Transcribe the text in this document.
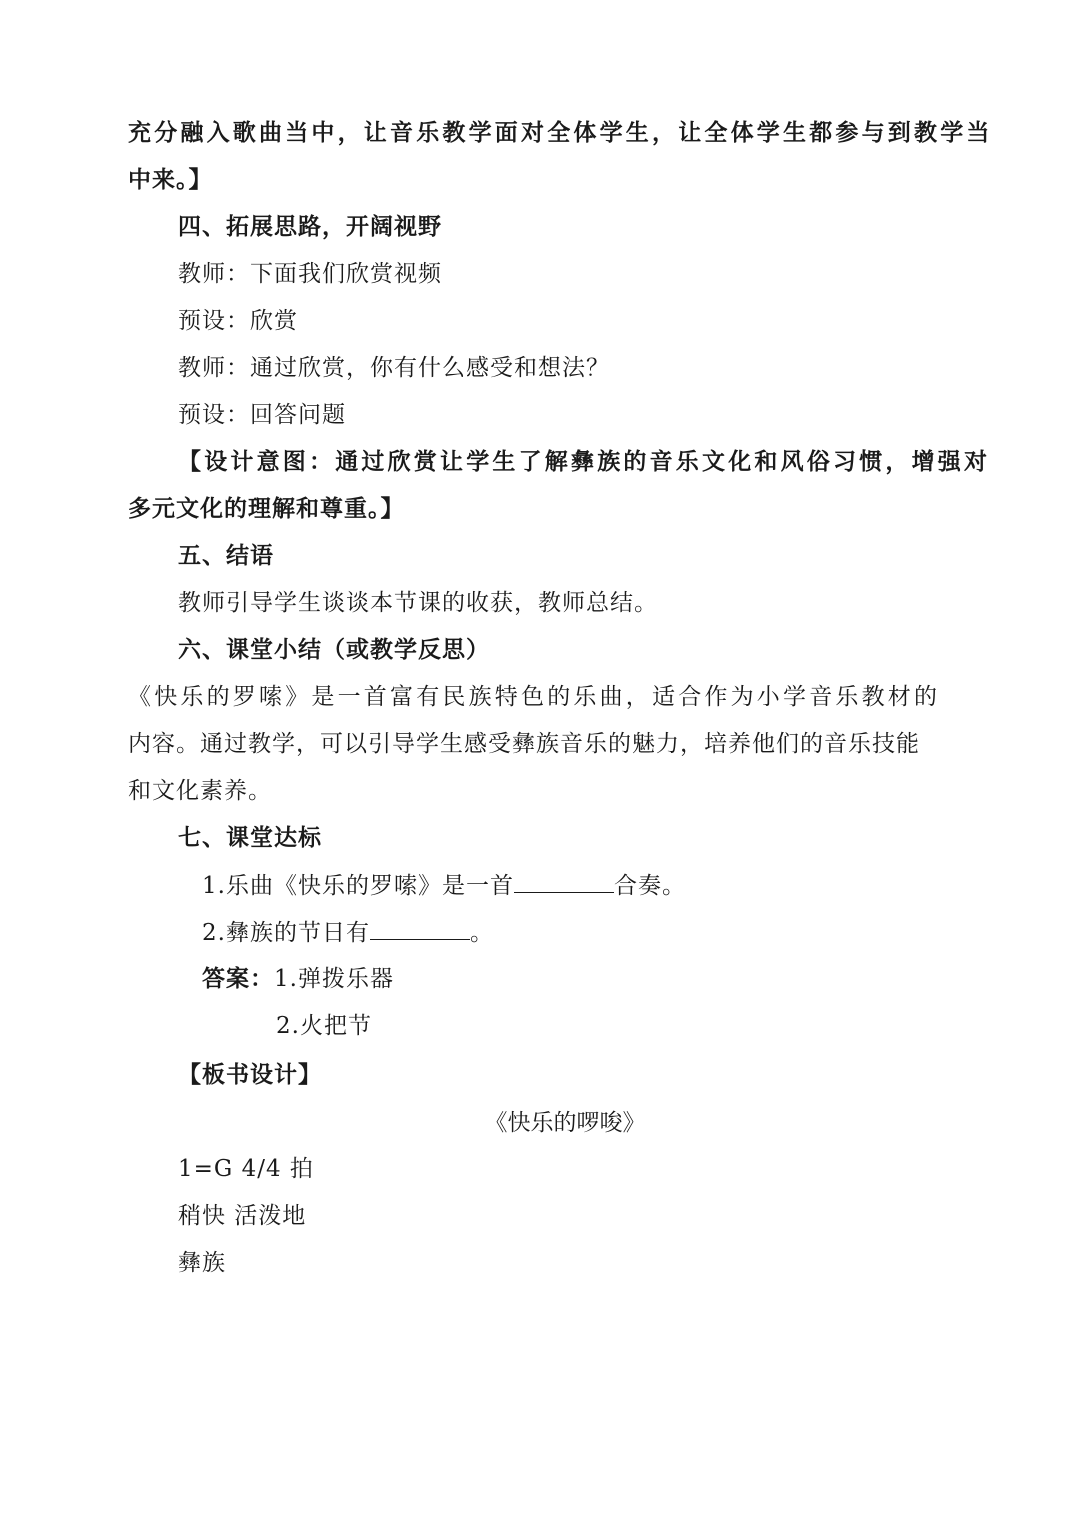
充分融入歌曲当中，让音乐教学面对全体学生，让全体学生都参与到教学当
中来。】
四、拓展思路，开阔视野
教师：下面我们欣赏视频
预设：欣赏
教师：通过欣赏，你有什么感受和想法？
预设：回答问题
【设计意图：通过欣赏让学生了解彝族的音乐文化和风俗习惯，增强对
多元文化的理解和尊重。】
五、结语
教师引导学生谈谈本节课的收获，教师总结。
六、课堂小结（或教学反思）
《快乐的罗嗦》是一首富有民族特色的乐曲，适合作为小学音乐教材的
内容。通过教学，可以引导学生感受彝族音乐的魅力，培养他们的音乐技能
和文化素养。
七、课堂达标
1.乐曲《快乐的罗嗦》是一首	合奏。
2.彝族的节日有	。
答案：1.弹拨乐器
2.火把节
【板书设计】
《快乐的啰唆》
1=G 4/4 拍
稍快 活泼地
彝族
